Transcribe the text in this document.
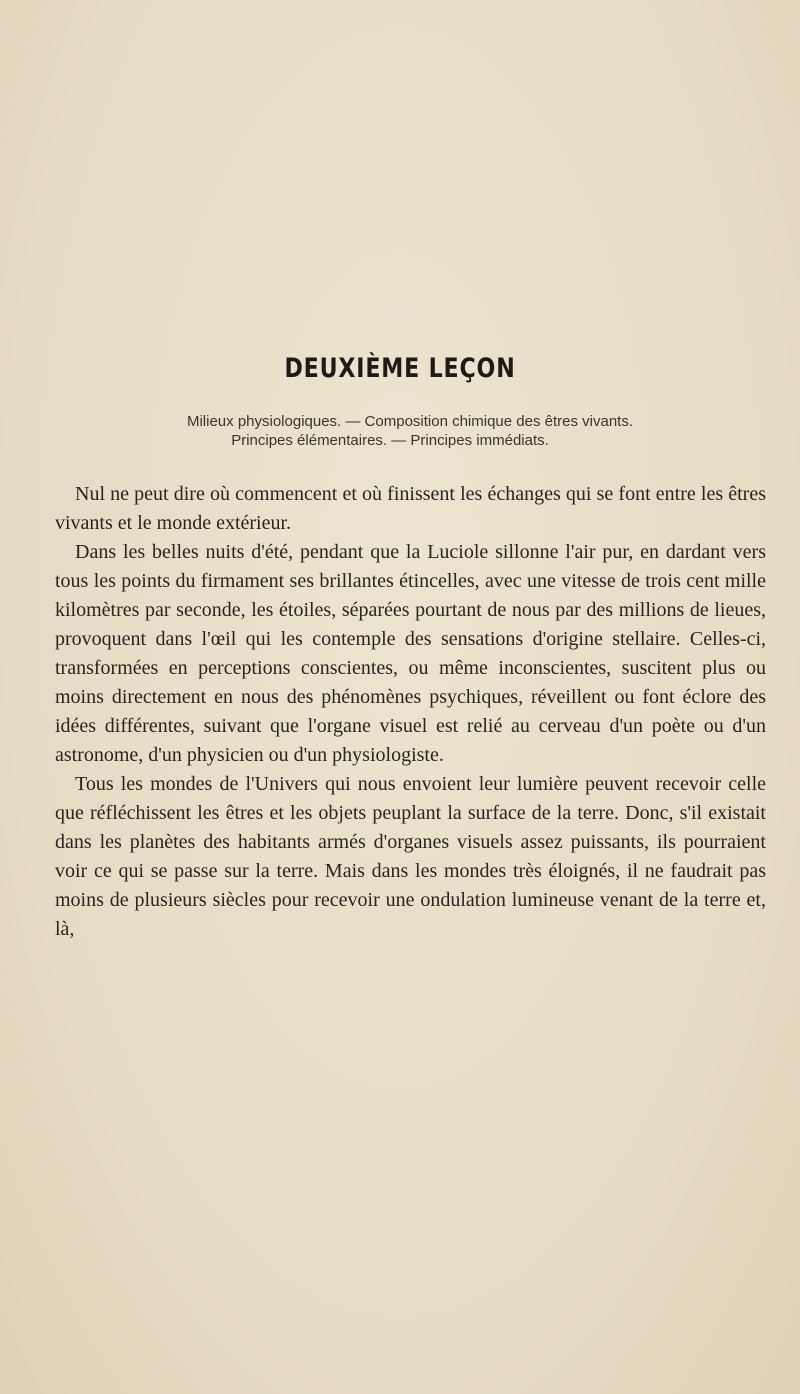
DEUXIÈME LEÇON
Milieux physiologiques. — Composition chimique des êtres vivants.
Principes élémentaires. — Principes immédiats.

Nul ne peut dire où commencent et où finissent les échanges qui se font entre les êtres vivants et le monde extérieur.

Dans les belles nuits d'été, pendant que la Luciole sillonne l'air pur, en dardant vers tous les points du firmament ses brillantes étincelles, avec une vitesse de trois cent mille kilomètres par seconde, les étoiles, séparées pourtant de nous par des millions de lieues, provoquent dans l'œil qui les contemple des sensations d'origine stellaire. Celles-ci, transformées en perceptions conscientes, ou même inconscientes, suscitent plus ou moins directement en nous des phénomènes psychiques, réveillent ou font éclore des idées différentes, suivant que l'organe visuel est relié au cerveau d'un poète ou d'un astronome, d'un physicien ou d'un physiologiste.

Tous les mondes de l'Univers qui nous envoient leur lumière peuvent recevoir celle que réfléchissent les êtres et les objets peuplant la surface de la terre. Donc, s'il existait dans les planètes des habitants armés d'organes visuels assez puissants, ils pourraient voir ce qui se passe sur la terre. Mais dans les mondes très éloignés, il ne faudrait pas moins de plusieurs siècles pour recevoir une ondulation lumineuse venant de la terre et, là,
